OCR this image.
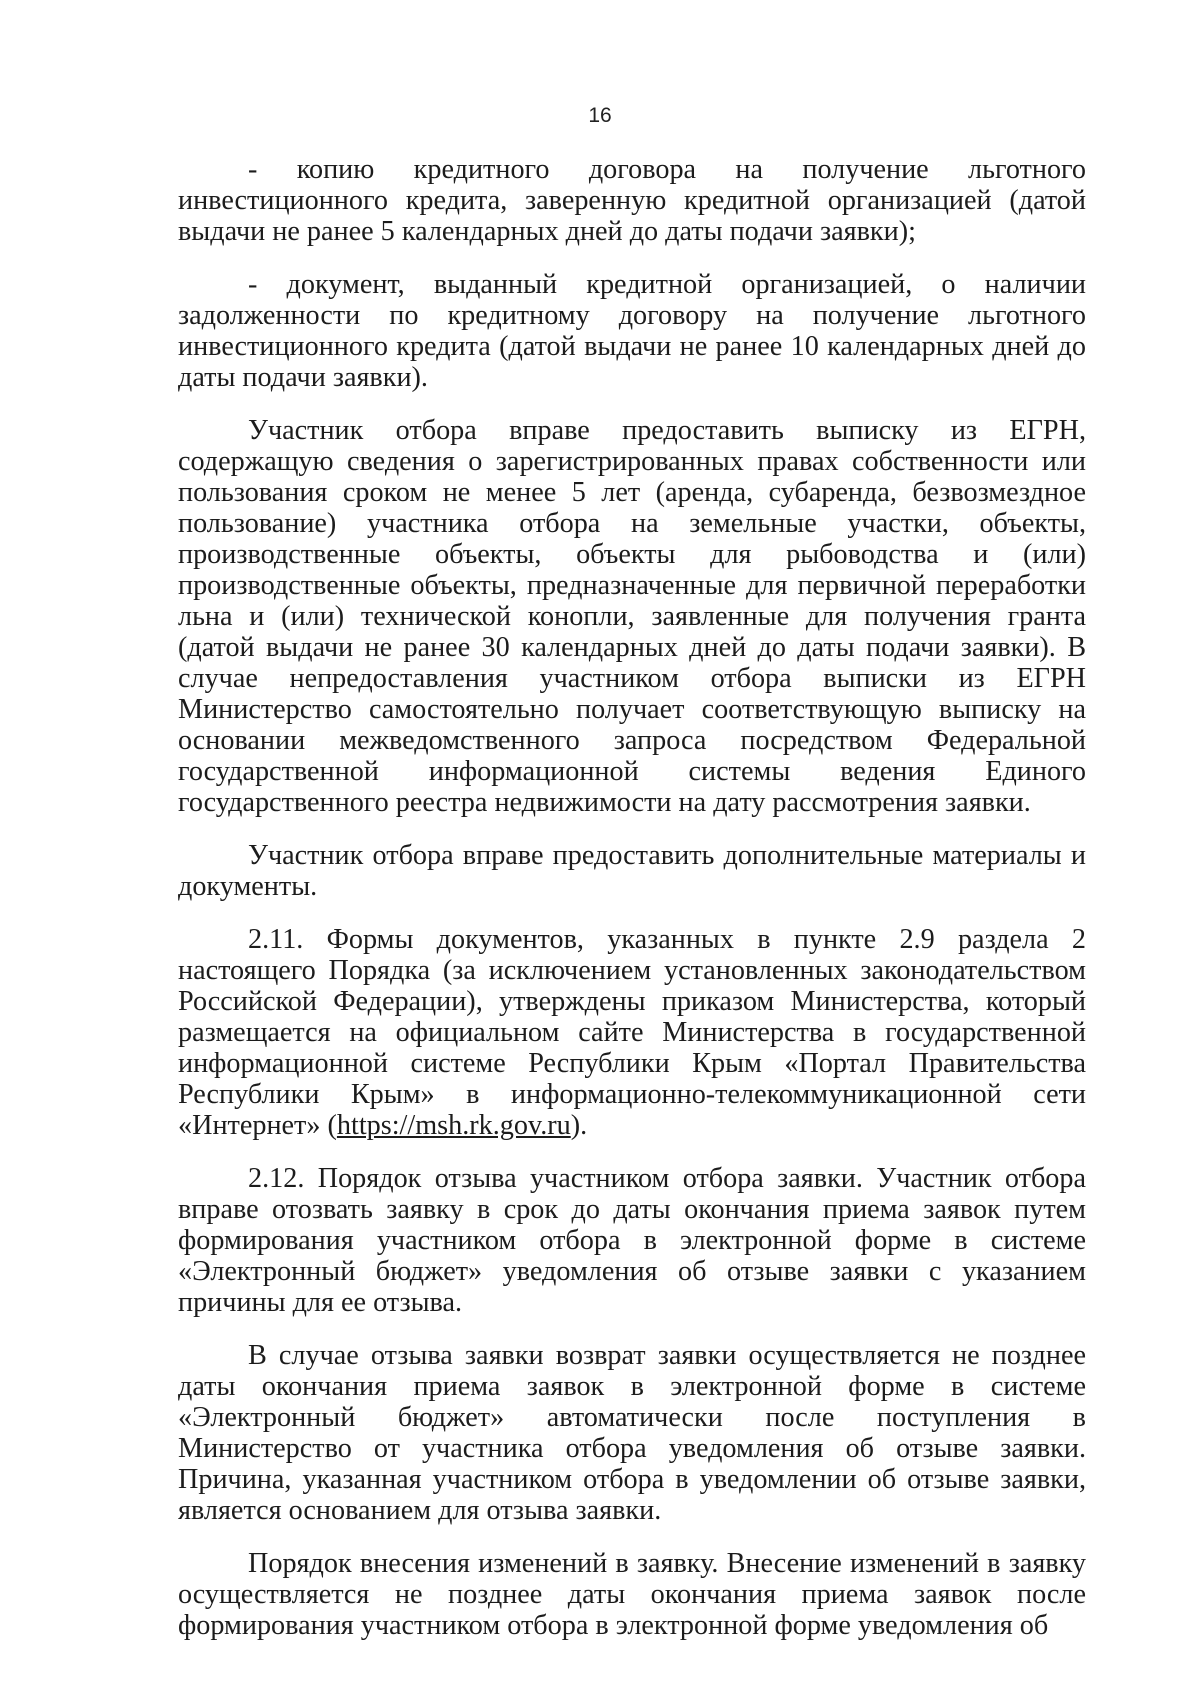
16

- копию кредитного договора на получение льготного инвестиционного кредита, заверенную кредитной организацией (датой выдачи не ранее 5 календарных дней до даты подачи заявки);

- документ, выданный кредитной организацией, о наличии задолженности по кредитному договору на получение льготного инвестиционного кредита (датой выдачи не ранее 10 календарных дней до даты подачи заявки).

Участник отбора вправе предоставить выписку из ЕГРН, содержащую сведения о зарегистрированных правах собственности или пользования сроком не менее 5 лет (аренда, субаренда, безвозмездное пользование) участника отбора на земельные участки, объекты, производственные объекты, объекты для рыбоводства и (или) производственные объекты, предназначенные для первичной переработки льна и (или) технической конопли, заявленные для получения гранта (датой выдачи не ранее 30 календарных дней до даты подачи заявки). В случае непредоставления участником отбора выписки из ЕГРН Министерство самостоятельно получает соответствующую выписку на основании межведомственного запроса посредством Федеральной государственной информационной системы ведения Единого государственного реестра недвижимости на дату рассмотрения заявки.

Участник отбора вправе предоставить дополнительные материалы и документы.

2.11. Формы документов, указанных в пункте 2.9 раздела 2 настоящего Порядка (за исключением установленных законодательством Российской Федерации), утверждены приказом Министерства, который размещается на официальном сайте Министерства в государственной информационной системе Республики Крым «Портал Правительства Республики Крым» в информационно-телекоммуникационной сети «Интернет» (https://msh.rk.gov.ru).

2.12. Порядок отзыва участником отбора заявки. Участник отбора вправе отозвать заявку в срок до даты окончания приема заявок путем формирования участником отбора в электронной форме в системе «Электронный бюджет» уведомления об отзыве заявки с указанием причины для ее отзыва.

В случае отзыва заявки возврат заявки осуществляется не позднее даты окончания приема заявок в электронной форме в системе «Электронный бюджет» автоматически после поступления в Министерство от участника отбора уведомления об отзыве заявки. Причина, указанная участником отбора в уведомлении об отзыве заявки, является основанием для отзыва заявки.

Порядок внесения изменений в заявку. Внесение изменений в заявку осуществляется не позднее даты окончания приема заявок после формирования участником отбора в электронной форме уведомления об
